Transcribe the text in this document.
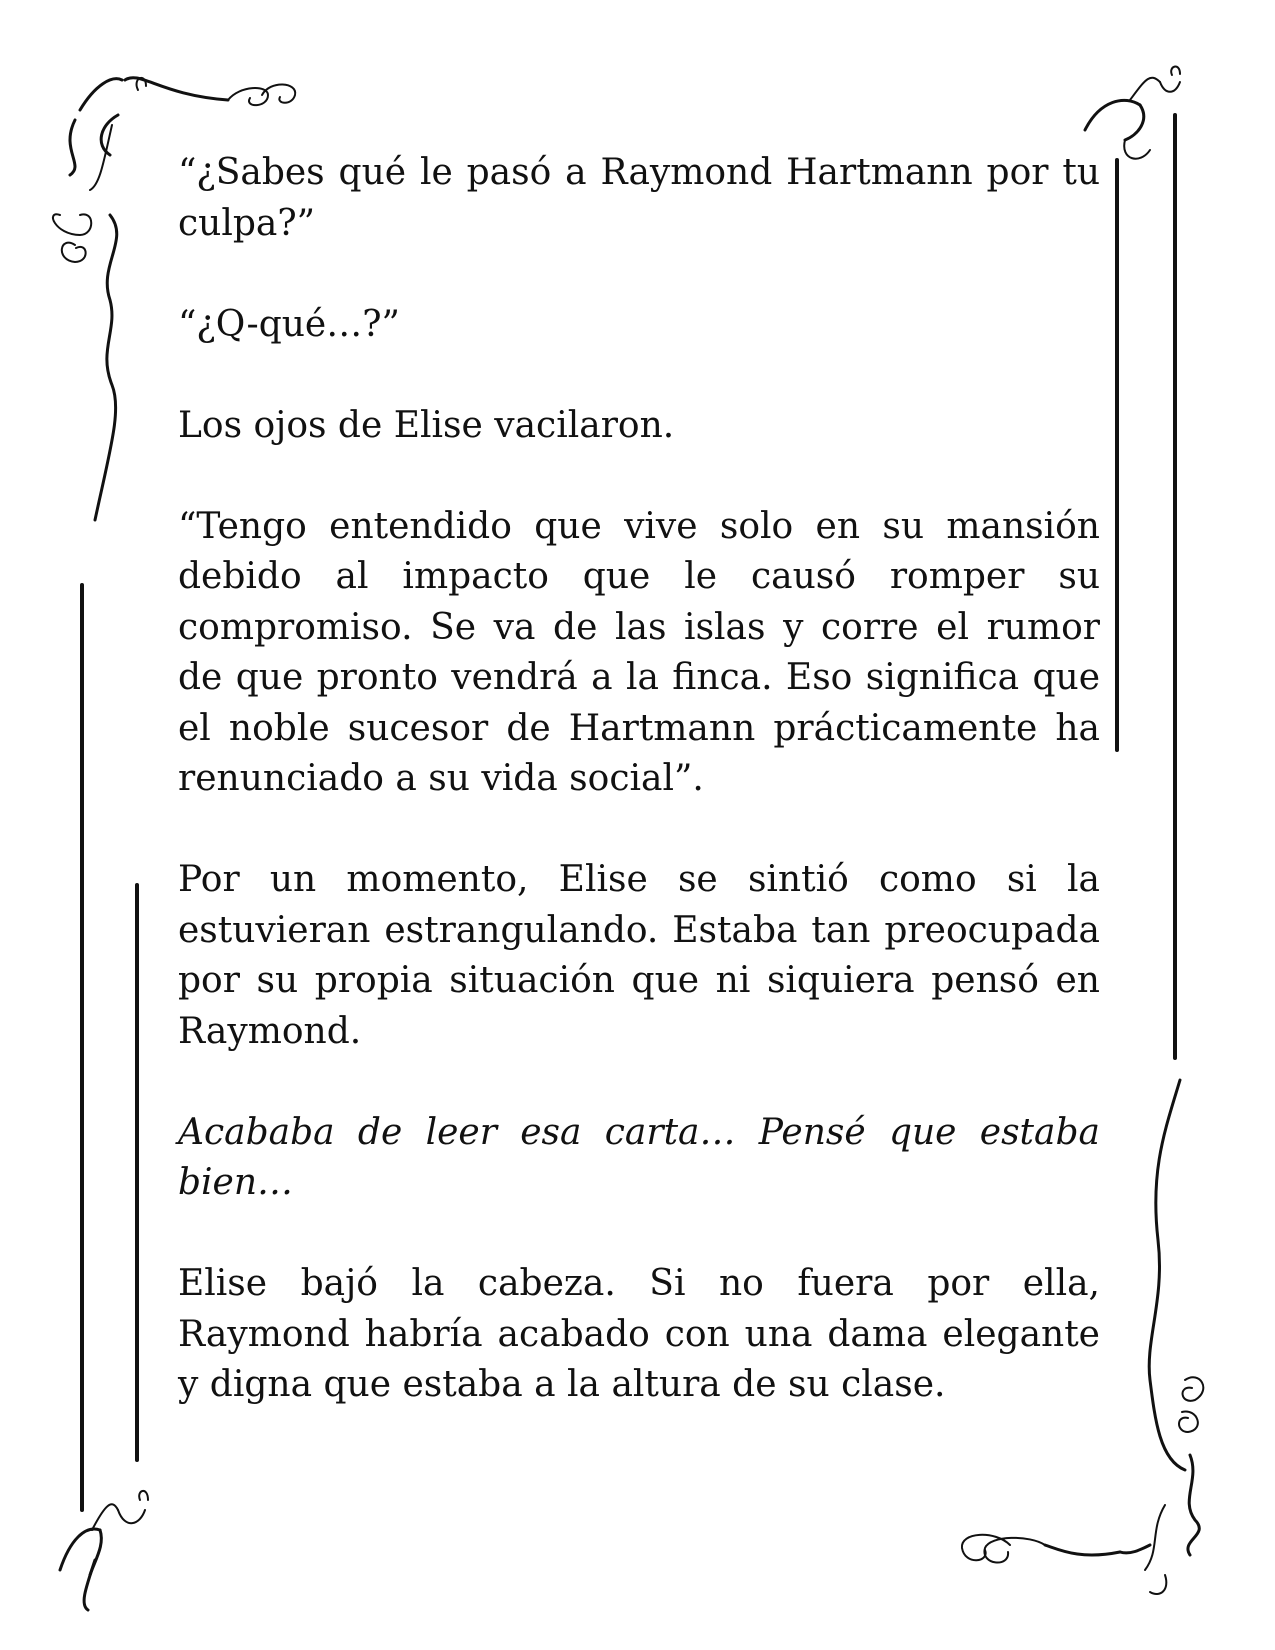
“¿Sabes qué le pasó a Raymond Hartmann por tu culpa?”

“¿Q-qué…?”

Los ojos de Elise vacilaron.

“Tengo entendido que vive solo en su mansión debido al impacto que le causó romper su compromiso. Se va de las islas y corre el rumor de que pronto vendrá a la finca. Eso significa que el noble sucesor de Hartmann prácticamente ha renunciado a su vida social”.

Por un momento, Elise se sintió como si la estuvieran estrangulando. Estaba tan preocupada por su propia situación que ni siquiera pensó en Raymond.

Acababa de leer esa carta… Pensé que estaba bien…

Elise bajó la cabeza. Si no fuera por ella, Raymond habría acabado con una dama elegante y digna que estaba a la altura de su clase.
